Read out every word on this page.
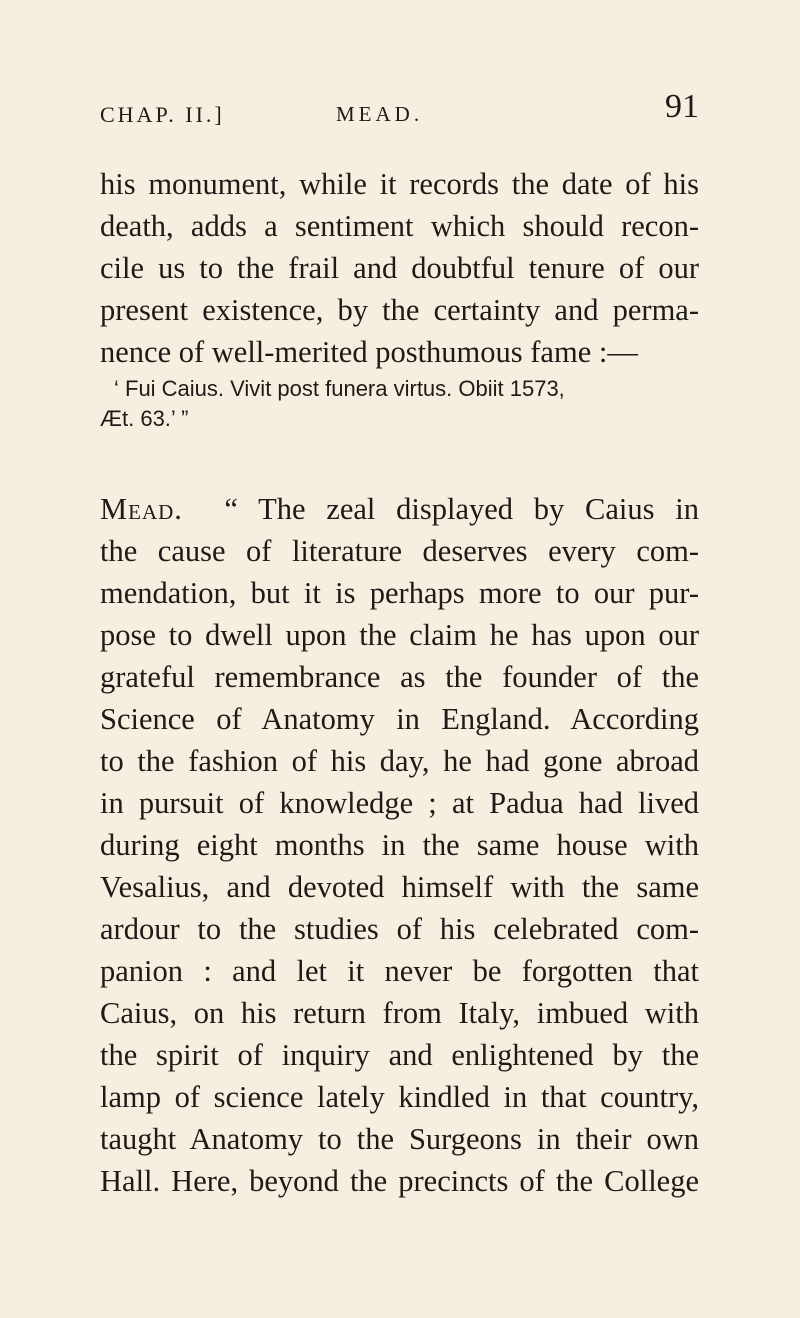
CHAP. II.]	MEAD.	91
his monument, while it records the date of his
death, adds a sentiment which should recon-
cile us to the frail and doubtful tenure of our
present existence, by the certainty and perma-
nence of well-merited posthumous fame :—
‘ Fui Caius. Vivit post funera virtus. Obiit 1573,
Æt. 63.’ ”
Mead. “ The zeal displayed by Caius in
the cause of literature deserves every com-
mendation, but it is perhaps more to our pur-
pose to dwell upon the claim he has upon our
grateful remembrance as the founder of the
Science of Anatomy in England. According
to the fashion of his day, he had gone abroad
in pursuit of knowledge ; at Padua had lived
during eight months in the same house with
Vesalius, and devoted himself with the same
ardour to the studies of his celebrated com-
panion : and let it never be forgotten that
Caius, on his return from Italy, imbued with
the spirit of inquiry and enlightened by the
lamp of science lately kindled in that country,
taught Anatomy to the Surgeons in their own
Hall. Here, beyond the precincts of the College
